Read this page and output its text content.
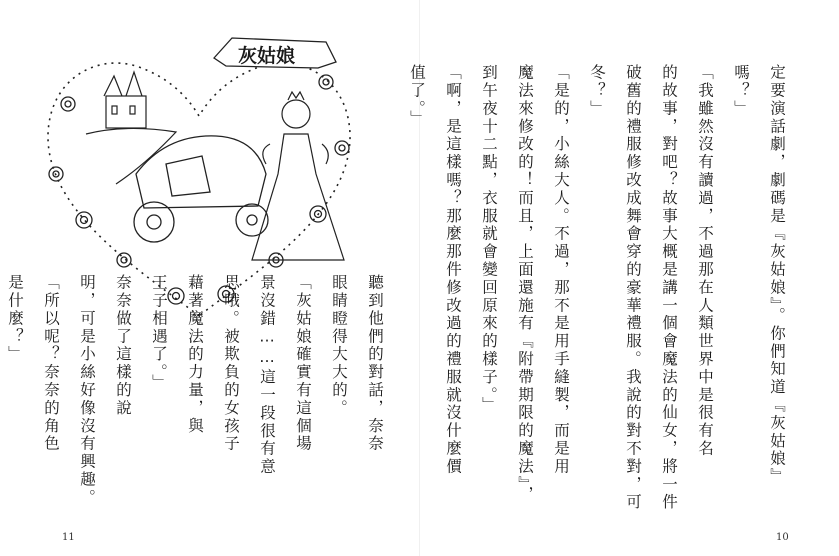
灰姑娘
定要演話劇，劇碼是『灰姑娘』。你們知道『灰姑娘』
嗎？」
「我雖然沒有讀過，不過那在人類世界中是很有名
的故事，對吧？故事大概是講一個會魔法的仙女，將一件
破舊的禮服修改成舞會穿的豪華禮服。我說的對不對，可
冬？」
「是的，小絲大人。不過，那不是用手縫製，而是用
魔法來修改的！而且，上面還施有『附帶期限的魔法』，
到午夜十二點，衣服就會變回原來的樣子。」
「啊，是這樣嗎？那麼那件修改過的禮服就沒什麼價
值了。」
聽到他們的對話，奈奈
眼睛瞪得大大的。
「灰姑娘確實有這個場
景沒錯……這一段很有意
思哦。被欺負的女孩子
藉著魔法的力量，與
王子相遇了。」
奈奈做了這樣的說
明，可是小絲好像沒有興趣。
「所以呢？奈奈的角色
是什麼？」
11	10
